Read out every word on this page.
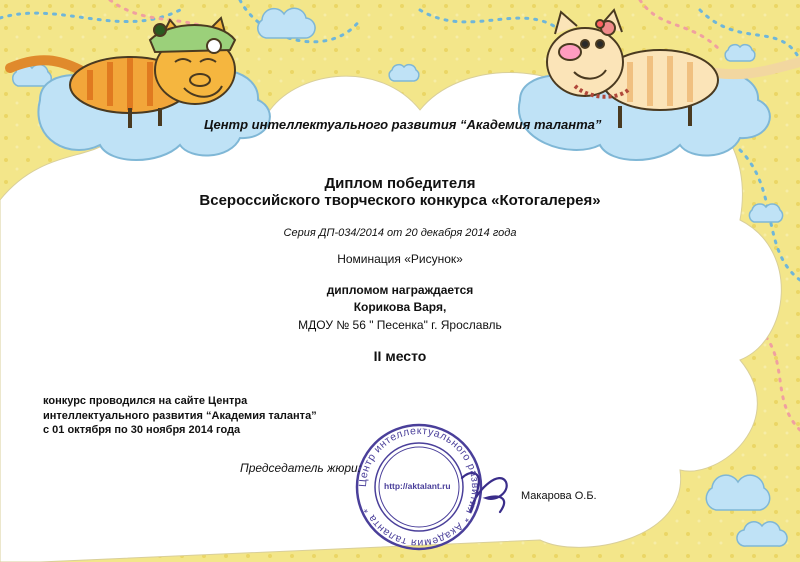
Центр интеллектуального развития * Академия таланта *
Центр интеллектуального развития “Академия таланта”
Диплом победителя
Всероссийского творческого конкурса «Котогалерея»
Серия ДП-034/2014 от 20 декабря 2014 года
Номинация «Рисунок»
дипломом награждается
Корикова Варя,
МДОУ № 56 " Песенка" г. Ярославль
II место
конкурс проводился на сайте Центра
интеллектуального развития “Академия таланта”
с 01 октября по 30 ноября 2014 года
Председатель жюри:
http://aktalant.ru
Макарова О.Б.
